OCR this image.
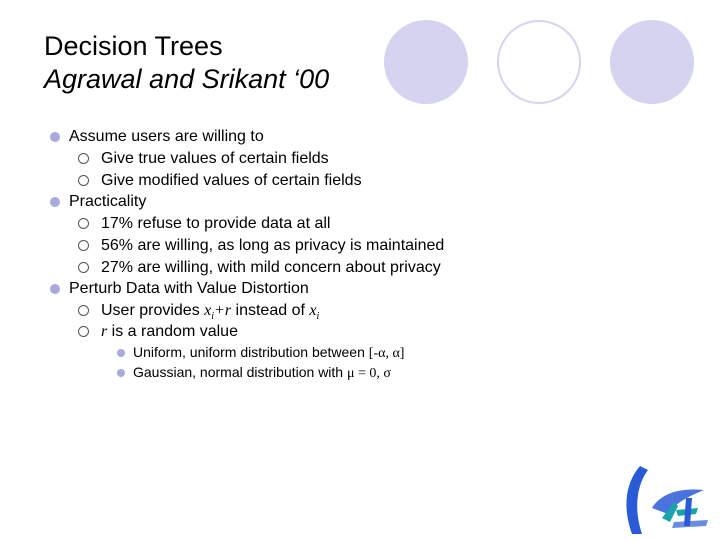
Decision Trees
Agrawal and Srikant ‘00
Assume users are willing to
Give true values of certain fields
Give modified values of certain fields
Practicality
17% refuse to provide data at all
56% are willing, as long as privacy is maintained
27% are willing, with mild concern about privacy
Perturb Data with Value Distortion
User provides $x_i+r$ instead of $x_i$
r is a random value
Uniform, uniform distribution between [-α, α]
Gaussian, normal distribution with μ = 0, σ
